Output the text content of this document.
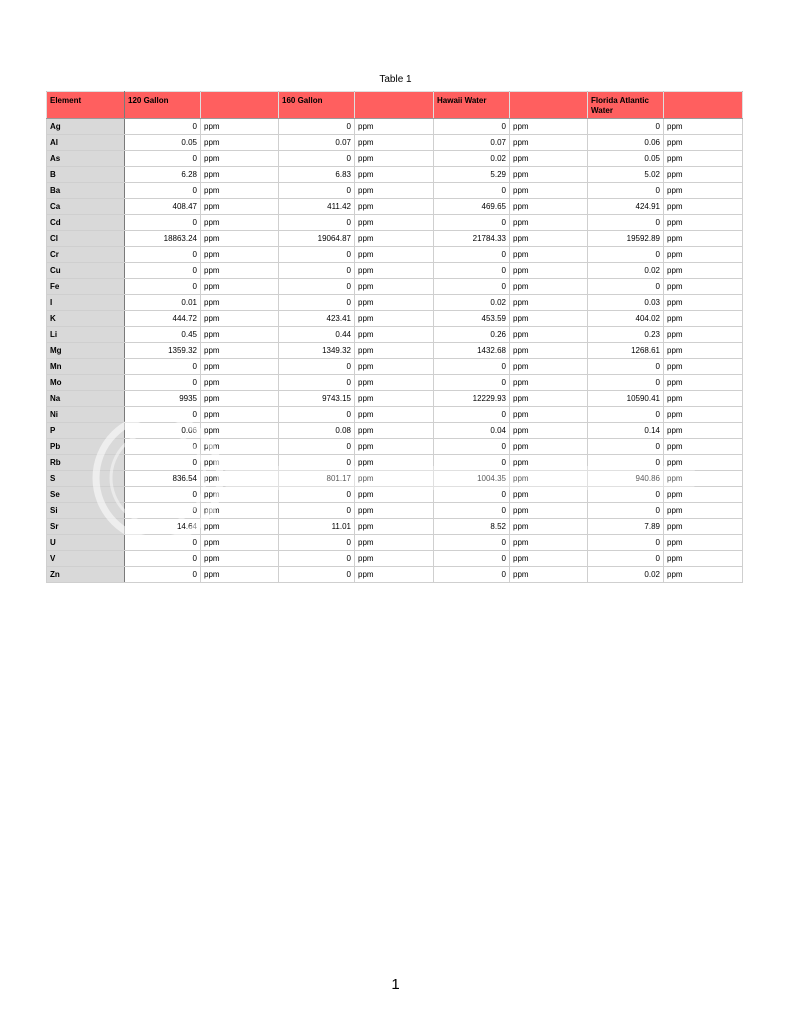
Table 1
Element	120 Gallon		160 Gallon		Hawaii Water		Florida Atlantic Water	
Ag	0	ppm	0	ppm	0	ppm	0	ppm
Al	0.05	ppm	0.07	ppm	0.07	ppm	0.06	ppm
As	0	ppm	0	ppm	0.02	ppm	0.05	ppm
B	6.28	ppm	6.83	ppm	5.29	ppm	5.02	ppm
Ba	0	ppm	0	ppm	0	ppm	0	ppm
Ca	408.47	ppm	411.42	ppm	469.65	ppm	424.91	ppm
Cd	0	ppm	0	ppm	0	ppm	0	ppm
Cl	18863.24	ppm	19064.87	ppm	21784.33	ppm	19592.89	ppm
Cr	0	ppm	0	ppm	0	ppm	0	ppm
Cu	0	ppm	0	ppm	0	ppm	0.02	ppm
Fe	0	ppm	0	ppm	0	ppm	0	ppm
I	0.01	ppm	0	ppm	0.02	ppm	0.03	ppm
K	444.72	ppm	423.41	ppm	453.59	ppm	404.02	ppm
Li	0.45	ppm	0.44	ppm	0.26	ppm	0.23	ppm
Mg	1359.32	ppm	1349.32	ppm	1432.68	ppm	1268.61	ppm
Mn	0	ppm	0	ppm	0	ppm	0	ppm
Mo	0	ppm	0	ppm	0	ppm	0	ppm
Na	9935	ppm	9743.15	ppm	12229.93	ppm	10590.41	ppm
Ni	0	ppm	0	ppm	0	ppm	0	ppm
P	0.06	ppm	0.08	ppm	0.04	ppm	0.14	ppm
Pb	0	ppm	0	ppm	0	ppm	0	ppm
Rb	0	ppm	0	ppm	0	ppm	0	ppm
S	836.54	ppm	801.17	ppm	1004.35	ppm	940.86	ppm
Se	0	ppm	0	ppm	0	ppm	0	ppm
Si	0	ppm	0	ppm	0	ppm	0	ppm
Sr	14.64	ppm	11.01	ppm	8.52	ppm	7.89	ppm
U	0	ppm	0	ppm	0	ppm	0	ppm
V	0	ppm	0	ppm	0	ppm	0	ppm
Zn	0	ppm	0	ppm	0	ppm	0.02	ppm
1
